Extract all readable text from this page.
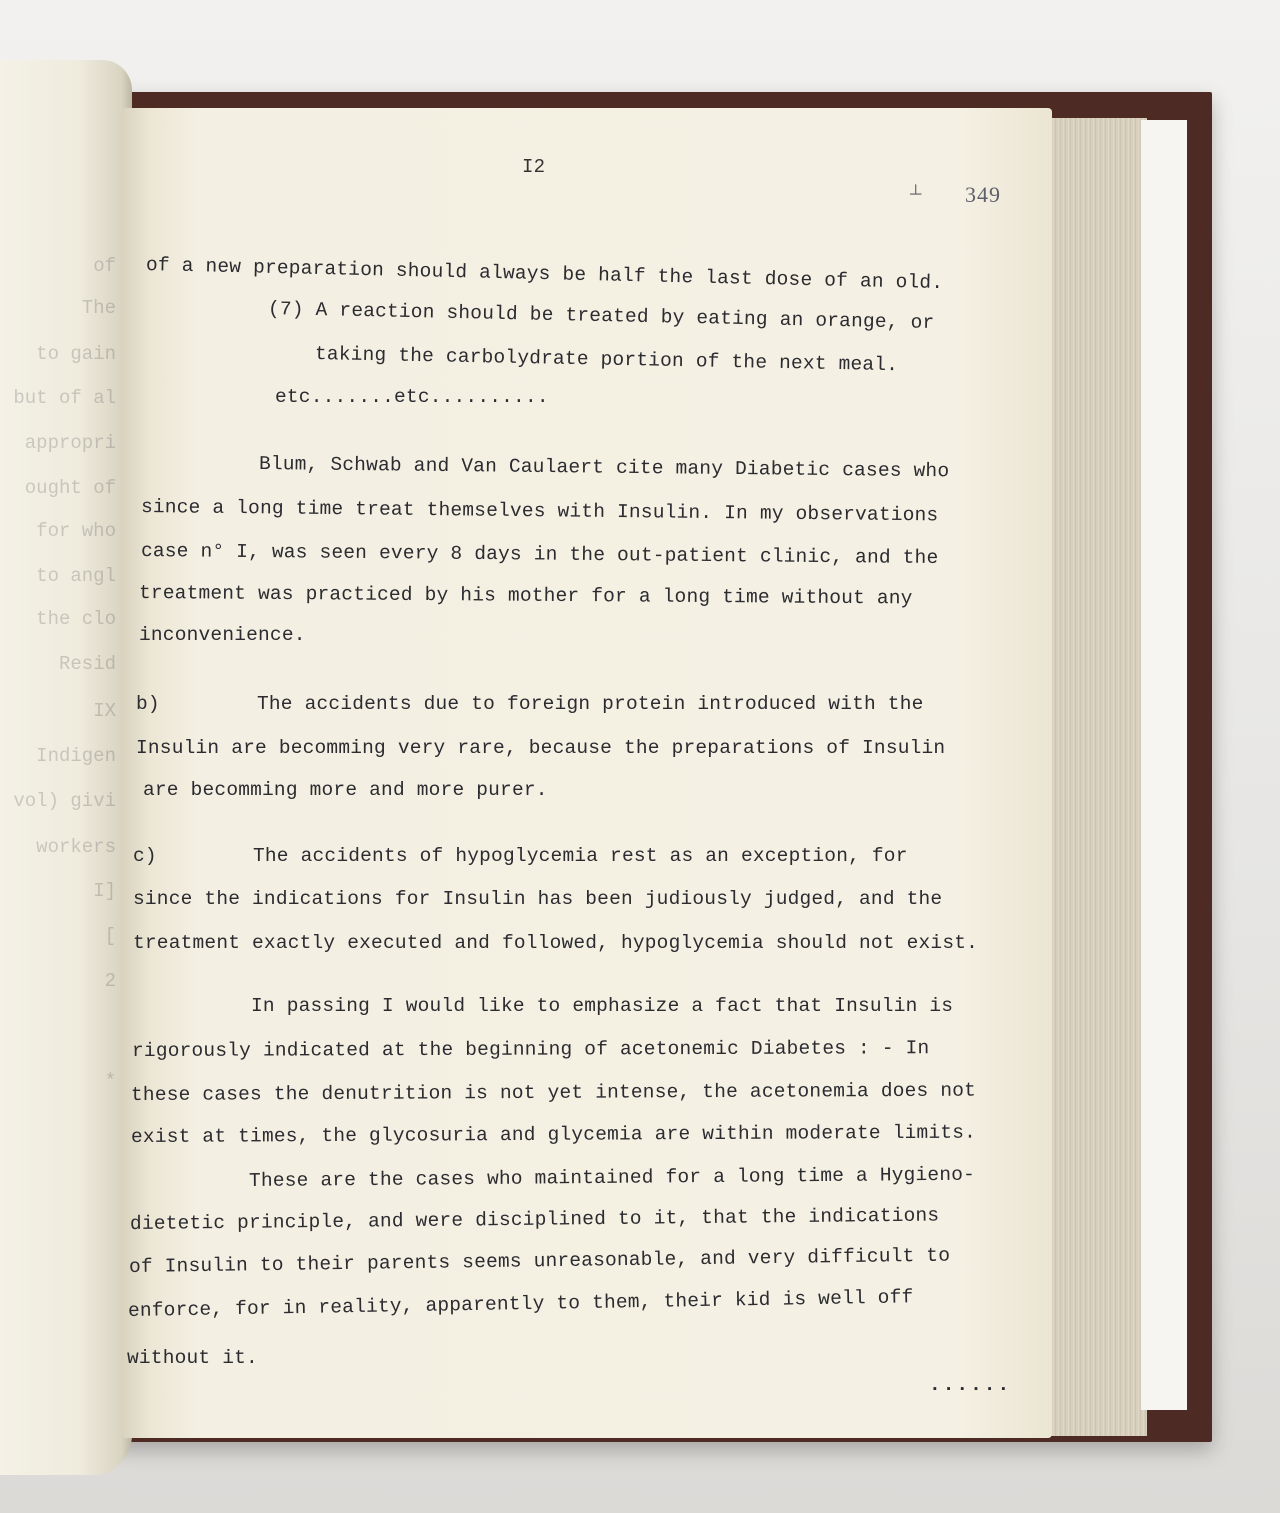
of
The
to gain
but of al
appropri
ought of
for who
to angl
the clo
Resid
IX
Indigen
vol) givi
workers
I]
[
2
*
I2
┴ 349
of a new preparation should always be half the last dose of an old.
(7) A reaction should be treated by eating an orange, or
taking the carbolydrate portion of the next meal.
etc.......etc..........
Blum, Schwab and Van Caulaert cite many Diabetic cases who
since a long time treat themselves with Insulin. In my observations
case n° I, was seen every 8 days in the out-patient clinic, and the
treatment was practiced by his mother for a long time without any
inconvenience.
b)	The accidents due to foreign protein introduced with the
Insulin are becomming very rare, because the preparations of Insulin
are becomming more and more purer.
c)	The accidents of hypoglycemia rest as an exception, for
since the indications for Insulin has been judiously judged, and the
treatment exactly executed and followed, hypoglycemia should not exist.
In passing I would like to emphasize a fact that Insulin is
rigorously indicated at the beginning of acetonemic Diabetes : - In
these cases the denutrition is not yet intense, the acetonemia does not
exist at times, the glycosuria and glycemia are within moderate limits.
These are the cases who maintained for a long time a Hygieno-
dietetic principle, and were disciplined to it, that the indications
of Insulin to their parents seems unreasonable, and very difficult to
enforce, for in reality, apparently to them, their kid is well off
without it.
......
